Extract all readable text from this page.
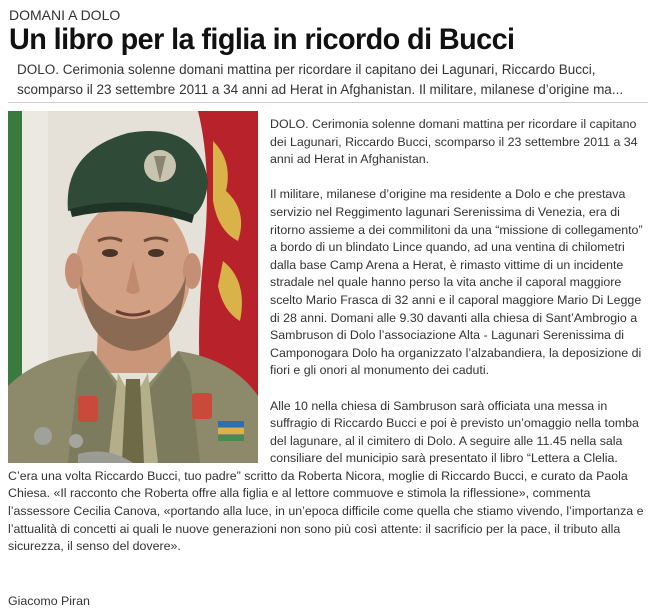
DOMANI A DOLO
Un libro per la figlia in ricordo di Bucci
DOLO. Cerimonia solenne domani mattina per ricordare il capitano dei Lagunari, Riccardo Bucci, scomparso il 23 settembre 2011 a 34 anni ad Herat in Afghanistan. Il militare, milanese d’origine ma...

DOLO. Cerimonia solenne domani mattina per ricordare il capitano dei Lagunari, Riccardo Bucci, scomparso il 23 settembre 2011 a 34 anni ad Herat in Afghanistan.

Il militare, milanese d’origine ma residente a Dolo e che prestava servizio nel Reggimento lagunari Serenissima di Venezia, era di ritorno assieme a dei commilitoni da una “missione di collegamento” a bordo di un blindato Lince quando, ad una ventina di chilometri dalla base Camp Arena a Herat, è rimasto vittime di un incidente stradale nel quale hanno perso la vita anche il caporal maggiore scelto Mario Frasca di 32 anni e il caporal maggiore Mario Di Legge di 28 anni. Domani alle 9.30 davanti alla chiesa di Sant’Ambrogio a Sambruson di Dolo l’associazione Alta - Lagunari Serenissima di Camponogara Dolo ha organizzato l’alzabandiera, la deposizione di fiori e gli onori al monumento dei caduti.

Alle 10 nella chiesa di Sambruson sarà officiata una messa in suffragio di Riccardo Bucci e poi è previsto un’omaggio nella tomba del lagunare, al il cimitero di Dolo. A seguire alle 11.45 nella sala consiliare del municipio sarà presentato il libro “Lettera a Clelia. C’era una volta Riccardo Bucci, tuo padre” scritto da Roberta Nicora, moglie di Riccardo Bucci, e curato da Paola Chiesa. «Il racconto che Roberta offre alla figlia e al lettore commuove e stimola la riflessione», commenta l’assessore Cecilia Canova, «portando alla luce, in un’epoca difficile come quella che stiamo vivendo, l’importanza e l’attualità di concetti ai quali le nuove generazioni non sono più così attente: il sacrificio per la pace, il tributo alla sicurezza, il senso del dovere».

Giacomo Piran
